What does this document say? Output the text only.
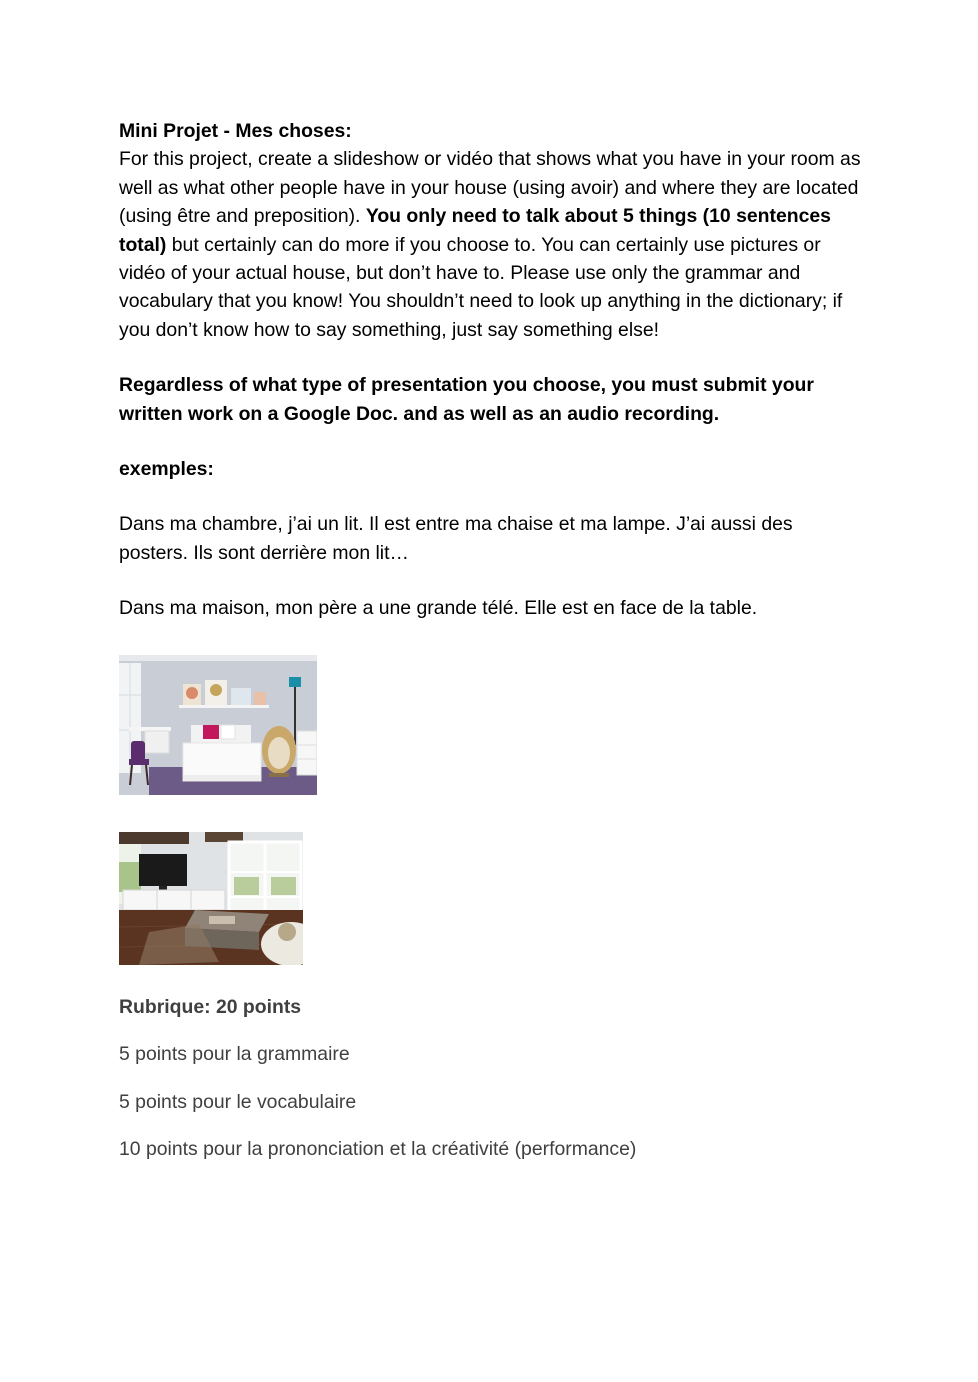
Mini Projet - Mes choses:

For this project, create a slideshow or vidéo that shows what you have in your room as well as what other people have in your house (using avoir) and where they are located (using être and preposition). You only need to talk about 5 things (10 sentences total) but certainly can do more if you choose to. You can certainly use pictures or vidéo of your actual house, but don’t have to. Please use only the grammar and vocabulary that you know! You shouldn’t need to look up anything in the dictionary; if you don’t know how to say something, just say something else!

Regardless of what type of presentation you choose, you must submit your written work on a Google Doc. and as well as an audio recording.

exemples:

Dans ma chambre, j’ai un lit. Il est entre ma chaise et ma lampe. J’ai aussi des posters. Ils sont derrière mon lit…

Dans ma maison, mon père a une grande télé. Elle est en face de la table.

Rubrique: 20 points

5 points pour la grammaire

5 points pour le vocabulaire

10 points pour la prononciation et la créativité (performance)
